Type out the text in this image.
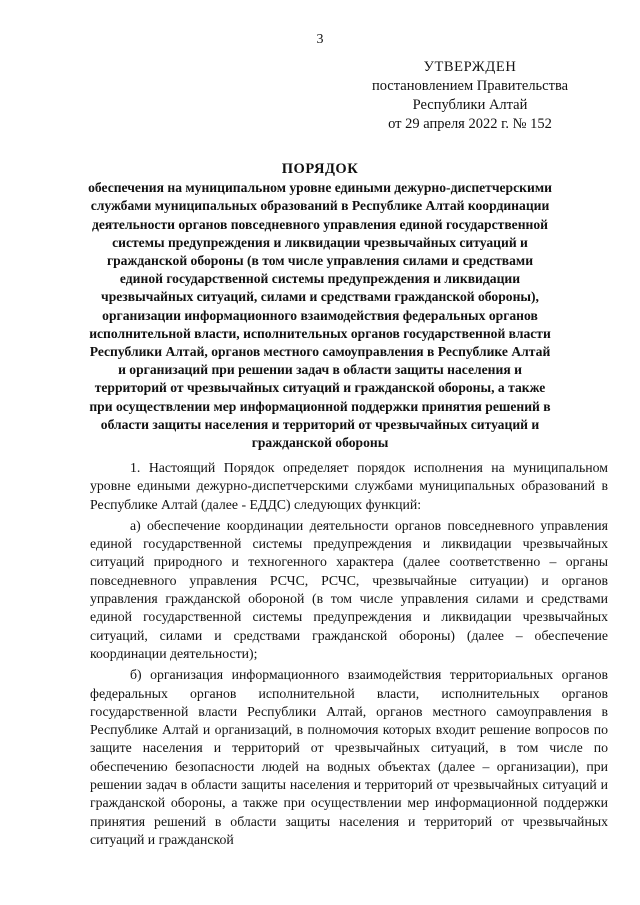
3
УТВЕРЖДЕН
постановлением Правительства
Республики Алтай
от 29 апреля 2022 г. № 152
ПОРЯДОК
обеспечения на муниципальном уровне едиными дежурно-диспетчерскими службами муниципальных образований в Республике Алтай координации деятельности органов повседневного управления единой государственной системы предупреждения и ликвидации чрезвычайных ситуаций и гражданской обороны (в том числе управления силами и средствами единой государственной системы предупреждения и ликвидации чрезвычайных ситуаций, силами и средствами гражданской обороны), организации информационного взаимодействия федеральных органов исполнительной власти, исполнительных органов государственной власти Республики Алтай, органов местного самоуправления в Республике Алтай и организаций при решении задач в области защиты населения и территорий от чрезвычайных ситуаций и гражданской обороны, а также при осуществлении мер информационной поддержки принятия решений в области защиты населения и территорий от чрезвычайных ситуаций и гражданской обороны

1. Настоящий Порядок определяет порядок исполнения на муниципальном уровне едиными дежурно-диспетчерскими службами муниципальных образований в Республике Алтай (далее - ЕДДС) следующих функций:

а) обеспечение координации деятельности органов повседневного управления единой государственной системы предупреждения и ликвидации чрезвычайных ситуаций природного и техногенного характера (далее соответственно – органы повседневного управления РСЧС, РСЧС, чрезвычайные ситуации) и органов управления гражданской обороной (в том числе управления силами и средствами единой государственной системы предупреждения и ликвидации чрезвычайных ситуаций, силами и средствами гражданской обороны) (далее – обеспечение координации деятельности);

б) организация информационного взаимодействия территориальных органов федеральных органов исполнительной власти, исполнительных органов государственной власти Республики Алтай, органов местного самоуправления в Республике Алтай и организаций, в полномочия которых входит решение вопросов по защите населения и территорий от чрезвычайных ситуаций, в том числе по обеспечению безопасности людей на водных объектах (далее – организации), при решении задач в области защиты населения и территорий от чрезвычайных ситуаций и гражданской обороны, а также при осуществлении мер информационной поддержки принятия решений в области защиты населения и территорий от чрезвычайных ситуаций и гражданской
